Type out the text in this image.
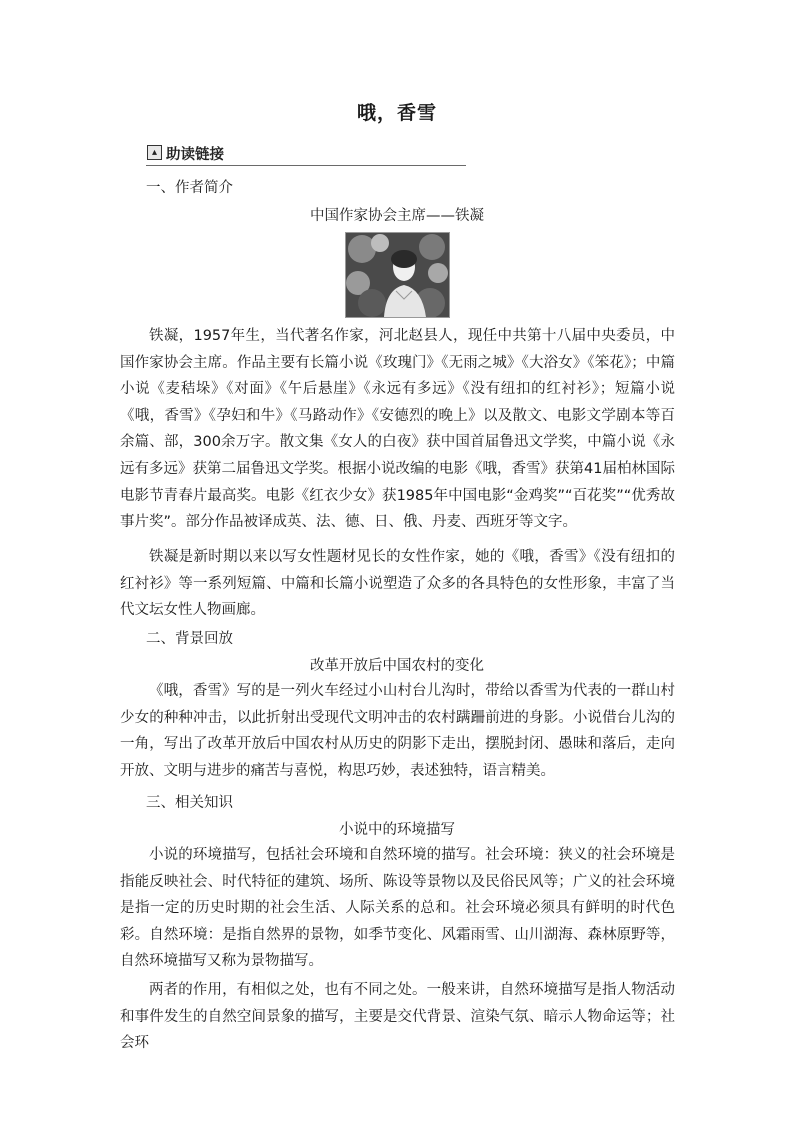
哦，香雪
▴ 助读链接
一、作者简介
中国作家协会主席——铁凝

铁凝，1957年生，当代著名作家，河北赵县人，现任中共第十八届中央委员，中国作家协会主席。作品主要有长篇小说《玫瑰门》《无雨之城》《大浴女》《笨花》；中篇小说《麦秸垛》《对面》《午后悬崖》《永远有多远》《没有纽扣的红衬衫》；短篇小说《哦，香雪》《孕妇和牛》《马路动作》《安德烈的晚上》以及散文、电影文学剧本等百余篇、部，300余万字。散文集《女人的白夜》获中国首届鲁迅文学奖，中篇小说《永远有多远》获第二届鲁迅文学奖。根据小说改编的电影《哦，香雪》获第41届柏林国际电影节青春片最高奖。电影《红衣少女》获1985年中国电影“金鸡奖”“百花奖”“优秀故事片奖”。部分作品被译成英、法、德、日、俄、丹麦、西班牙等文字。

铁凝是新时期以来以写女性题材见长的女性作家，她的《哦，香雪》《没有纽扣的红衬衫》等一系列短篇、中篇和长篇小说塑造了众多的各具特色的女性形象，丰富了当代文坛女性人物画廊。

二、背景回放
改革开放后中国农村的变化

《哦，香雪》写的是一列火车经过小山村台儿沟时，带给以香雪为代表的一群山村少女的种种冲击，以此折射出受现代文明冲击的农村蹒跚前进的身影。小说借台儿沟的一角，写出了改革开放后中国农村从历史的阴影下走出，摆脱封闭、愚昧和落后，走向开放、文明与进步的痛苦与喜悦，构思巧妙，表述独特，语言精美。

三、相关知识
小说中的环境描写

小说的环境描写，包括社会环境和自然环境的描写。社会环境：狭义的社会环境是指能反映社会、时代特征的建筑、场所、陈设等景物以及民俗民风等；广义的社会环境是指一定的历史时期的社会生活、人际关系的总和。社会环境必须具有鲜明的时代色彩。自然环境：是指自然界的景物，如季节变化、风霜雨雪、山川湖海、森林原野等，自然环境描写又称为景物描写。

两者的作用，有相似之处，也有不同之处。一般来讲，自然环境描写是指人物活动和事件发生的自然空间景象的描写，主要是交代背景、渲染气氛、暗示人物命运等；社会环
